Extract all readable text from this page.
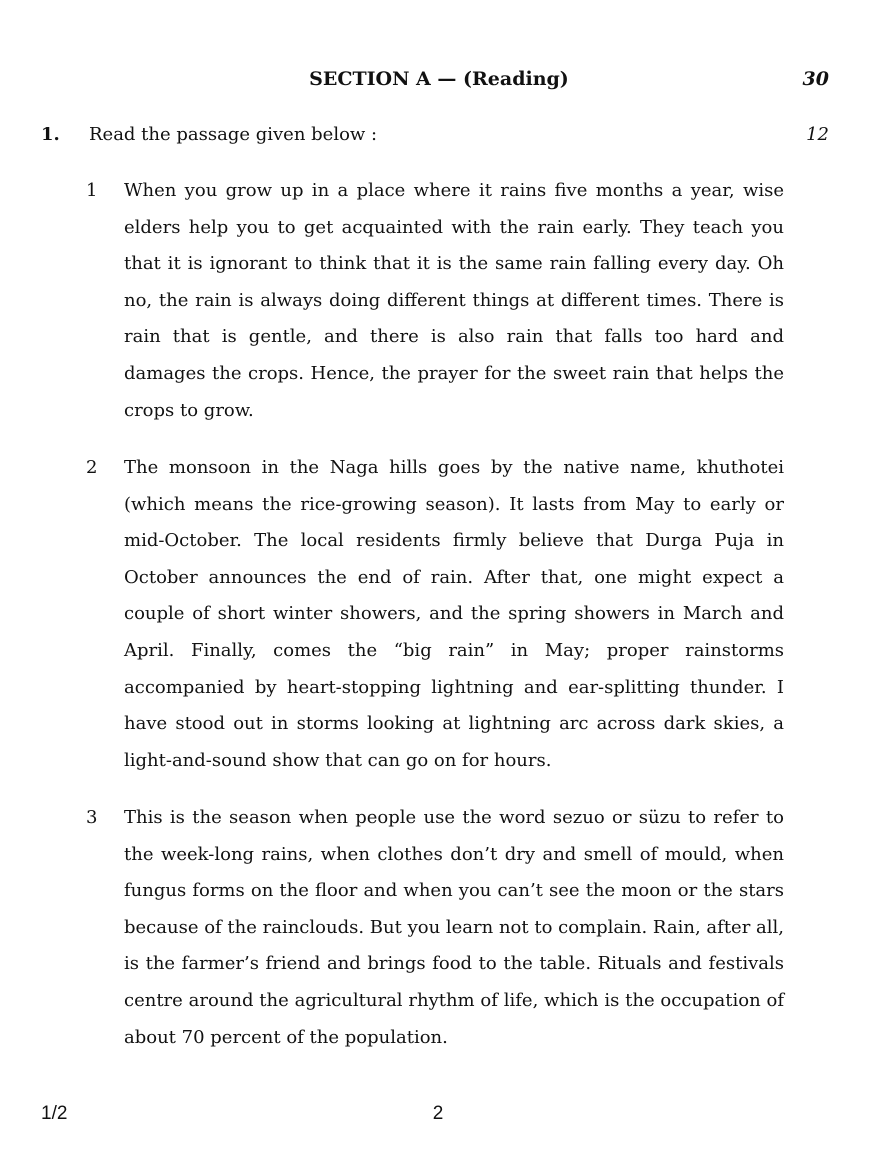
SECTION A — (Reading)	30
1. Read the passage given below :	12
1 When you grow up in a place where it rains five months a year, wise elders help you to get acquainted with the rain early. They teach you that it is ignorant to think that it is the same rain falling every day. Oh no, the rain is always doing different things at different times. There is rain that is gentle, and there is also rain that falls too hard and damages the crops. Hence, the prayer for the sweet rain that helps the crops to grow.

2 The monsoon in the Naga hills goes by the native name, khuthotei (which means the rice-growing season). It lasts from May to early or mid-October. The local residents firmly believe that Durga Puja in October announces the end of rain. After that, one might expect a couple of short winter showers, and the spring showers in March and April. Finally, comes the “big rain” in May; proper rainstorms accompanied by heart-stopping lightning and ear-splitting thunder. I have stood out in storms looking at lightning arc across dark skies, a light-and-sound show that can go on for hours.

3 This is the season when people use the word sezuo or süzu to refer to the week-long rains, when clothes don’t dry and smell of mould, when fungus forms on the floor and when you can’t see the moon or the stars because of the rainclouds. But you learn not to complain. Rain, after all, is the farmer’s friend and brings food to the table. Rituals and festivals centre around the agricultural rhythm of life, which is the occupation of about 70 percent of the population.

1/2	2
